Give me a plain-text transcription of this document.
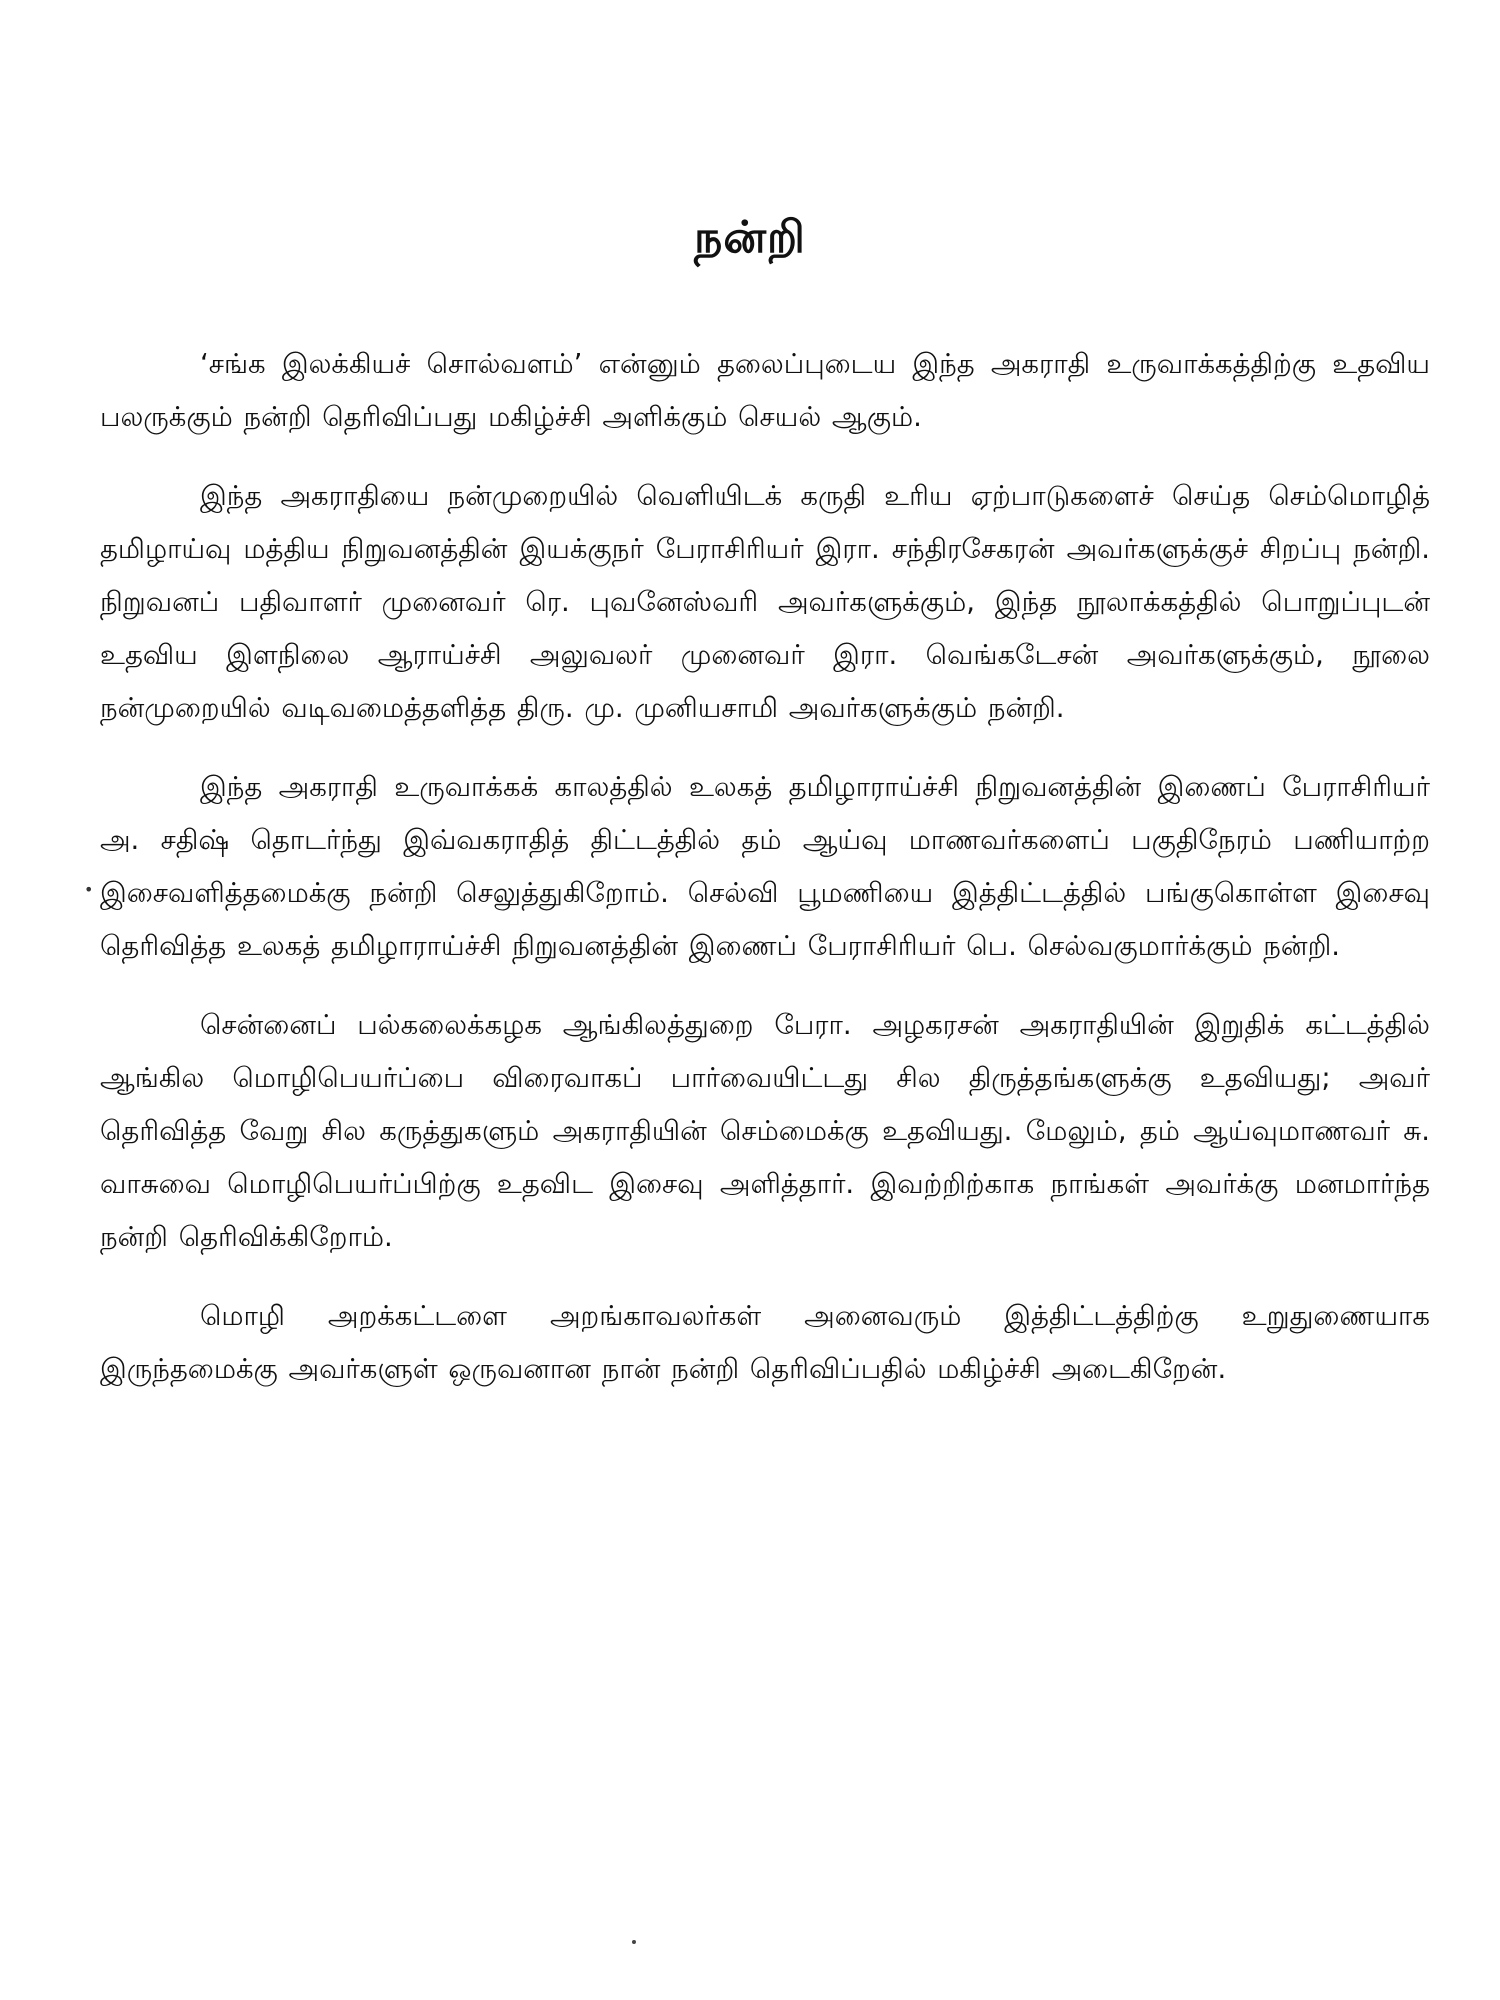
நன்றி
•

‘சங்க இலக்கியச் சொல்வளம்’ என்னும் தலைப்புடைய இந்த அகராதி உருவாக்கத்திற்கு உதவிய பலருக்கும் நன்றி தெரிவிப்பது மகிழ்ச்சி அளிக்கும் செயல் ஆகும்.

இந்த அகராதியை நன்முறையில் வெளியிடக் கருதி உரிய ஏற்பாடுகளைச் செய்த செம்மொழித் தமிழாய்வு மத்திய நிறுவனத்தின் இயக்குநர் பேராசிரியர் இரா. சந்திரசேகரன் அவர்களுக்குச் சிறப்பு நன்றி. நிறுவனப் பதிவாளர் முனைவர் ரெ. புவனேஸ்வரி அவர்களுக்கும், இந்த நூலாக்கத்தில் பொறுப்புடன் உதவிய இளநிலை ஆராய்ச்சி அலுவலர் முனைவர் இரா. வெங்கடேசன் அவர்களுக்கும், நூலை நன்முறையில் வடிவமைத்தளித்த திரு. மு. முனியசாமி அவர்களுக்கும் நன்றி.

இந்த அகராதி உருவாக்கக் காலத்தில் உலகத் தமிழாராய்ச்சி நிறுவனத்தின் இணைப் பேராசிரியர் அ. சதிஷ் தொடர்ந்து இவ்வகராதித் திட்டத்தில் தம் ஆய்வு மாணவர்களைப் பகுதிநேரம் பணியாற்ற இசைவளித்தமைக்கு நன்றி செலுத்துகிறோம். செல்வி பூமணியை இத்திட்டத்தில் பங்குகொள்ள இசைவு தெரிவித்த உலகத் தமிழாராய்ச்சி நிறுவனத்தின் இணைப் பேராசிரியர் பெ. செல்வகுமார்க்கும் நன்றி.

சென்னைப் பல்கலைக்கழக ஆங்கிலத்துறை பேரா. அழகரசன் அகராதியின் இறுதிக் கட்டத்தில் ஆங்கில மொழிபெயர்ப்பை விரைவாகப் பார்வையிட்டது சில திருத்தங்களுக்கு உதவியது; அவர் தெரிவித்த வேறு சில கருத்துகளும் அகராதியின் செம்மைக்கு உதவியது. மேலும், தம் ஆய்வுமாணவர் சு. வாசுவை மொழிபெயர்ப்பிற்கு உதவிட இசைவு அளித்தார். இவற்றிற்காக நாங்கள் அவர்க்கு மனமார்ந்த நன்றி தெரிவிக்கிறோம்.

மொழி அறக்கட்டளை அறங்காவலர்கள் அனைவரும் இத்திட்டத்திற்கு உறுதுணையாக இருந்தமைக்கு அவர்களுள் ஒருவனான நான் நன்றி தெரிவிப்பதில் மகிழ்ச்சி அடைகிறேன்.
